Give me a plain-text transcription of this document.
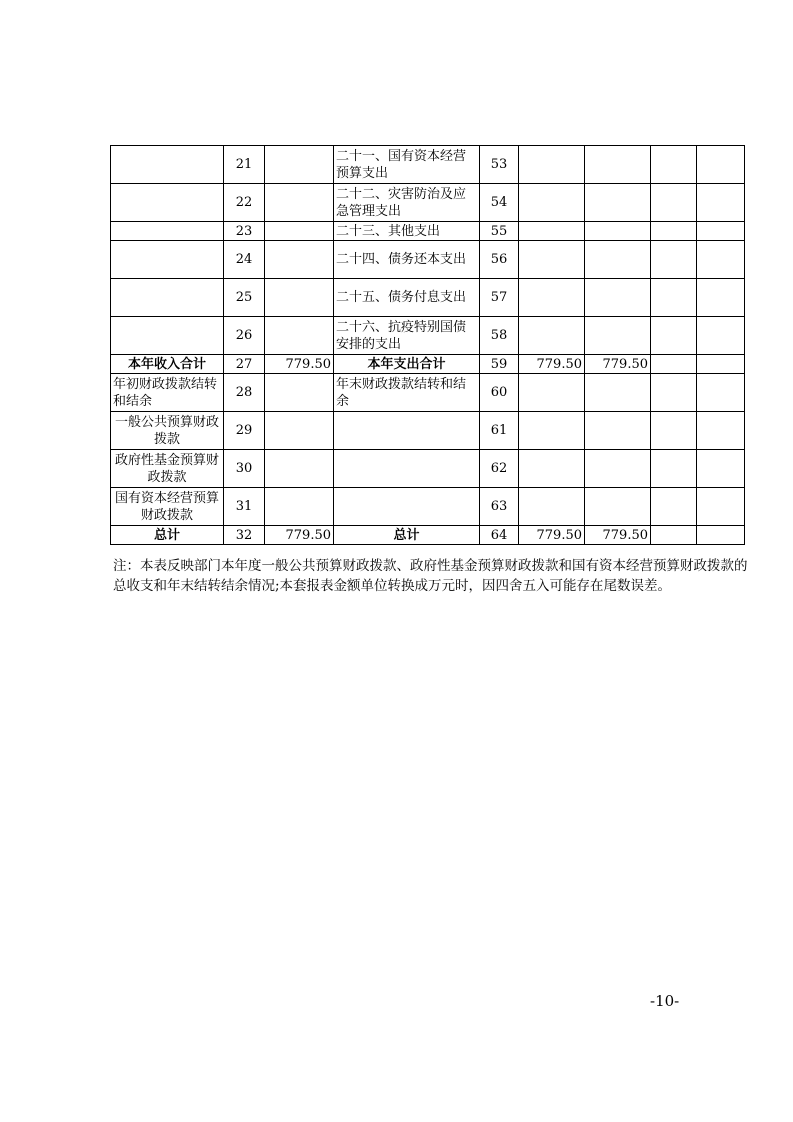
	21		二十一、国有资本经营预算支出	53				
	22		二十二、灾害防治及应急管理支出	54				
	23		二十三、其他支出	55				
	24		二十四、债务还本支出	56				
	25		二十五、债务付息支出	57				
	26		二十六、抗疫特别国债安排的支出	58				
本年收入合计	27	779.50	本年支出合计	59	779.50	779.50		
年初财政拨款结转和结余	28		年末财政拨款结转和结余	60				
一般公共预算财政拨款	29			61				
政府性基金预算财政拨款	30			62				
国有资本经营预算财政拨款	31			63				
总计	32	779.50	总计	64	779.50	779.50		
注：本表反映部门本年度一般公共预算财政拨款、政府性基金预算财政拨款和国有资本经营预算财政拨款的总收支和年末结转结余情况;本套报表金额单位转换成万元时，因四舍五入可能存在尾数误差。
-10-
